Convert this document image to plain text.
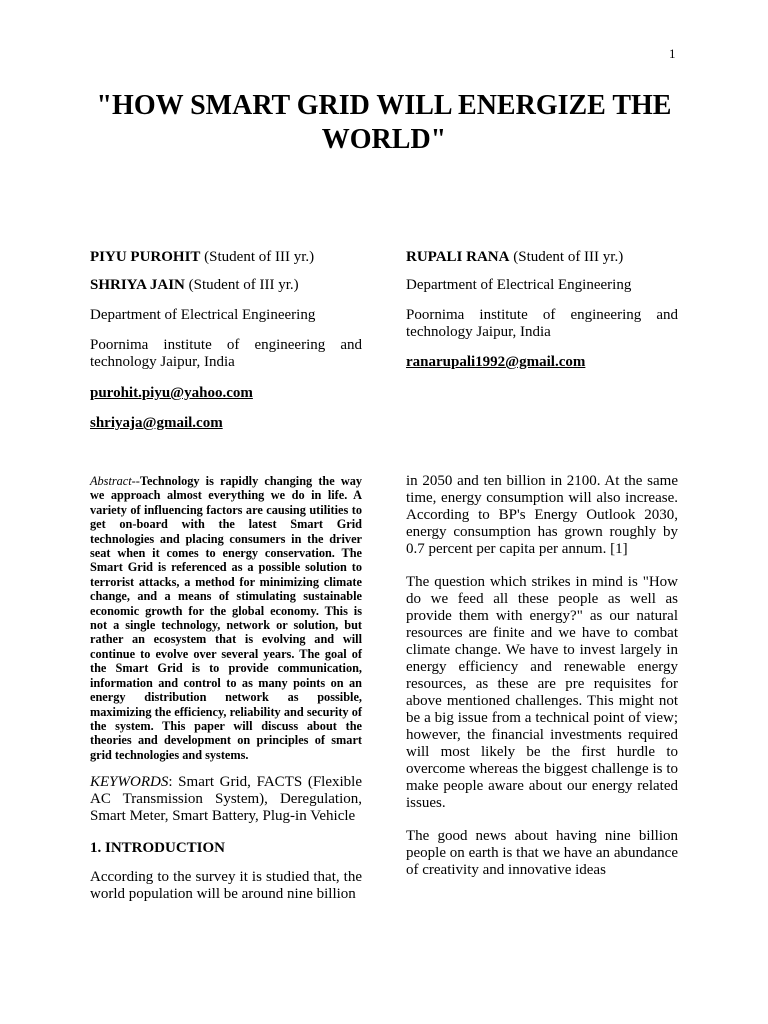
1
"HOW SMART GRID WILL ENERGIZE THE WORLD"
PIYU PUROHIT (Student of III yr.)
SHRIYA JAIN (Student of III yr.)
Department of Electrical Engineering
Poornima institute of engineering and technology Jaipur, India
purohit.piyu@yahoo.com
shriyaja@gmail.com
Abstract--Technology is rapidly changing the way we approach almost everything we do in life. A variety of influencing factors are causing utilities to get on-board with the latest Smart Grid technologies and placing consumers in the driver seat when it comes to energy conservation. The Smart Grid is referenced as a possible solution to terrorist attacks, a method for minimizing climate change, and a means of stimulating sustainable economic growth for the global economy. This is not a single technology, network or solution, but rather an ecosystem that is evolving and will continue to evolve over several years. The goal of the Smart Grid is to provide communication, information and control to as many points on an energy distribution network as possible, maximizing the efficiency, reliability and security of the system. This paper will discuss about the theories and development on principles of smart grid technologies and systems.
KEYWORDS: Smart Grid, FACTS (Flexible AC Transmission System), Deregulation, Smart Meter, Smart Battery, Plug-in Vehicle
1. INTRODUCTION
According to the survey it is studied that, the world population will be around nine billion
RUPALI RANA (Student of III yr.)
Department of Electrical Engineering
Poornima institute of engineering and technology Jaipur, India
ranarupali1992@gmail.com
in 2050 and ten billion in 2100. At the same time, energy consumption will also increase. According to BP's Energy Outlook 2030, energy consumption has grown roughly by 0.7 percent per capita per annum. [1]
The question which strikes in mind is "How do we feed all these people as well as provide them with energy?" as our natural resources are finite and we have to combat climate change. We have to invest largely in energy efficiency and renewable energy resources, as these are pre requisites for above mentioned challenges. This might not be a big issue from a technical point of view; however, the financial investments required will most likely be the first hurdle to overcome whereas the biggest challenge is to make people aware about our energy related issues.
The good news about having nine billion people on earth is that we have an abundance of creativity and innovative ideas
